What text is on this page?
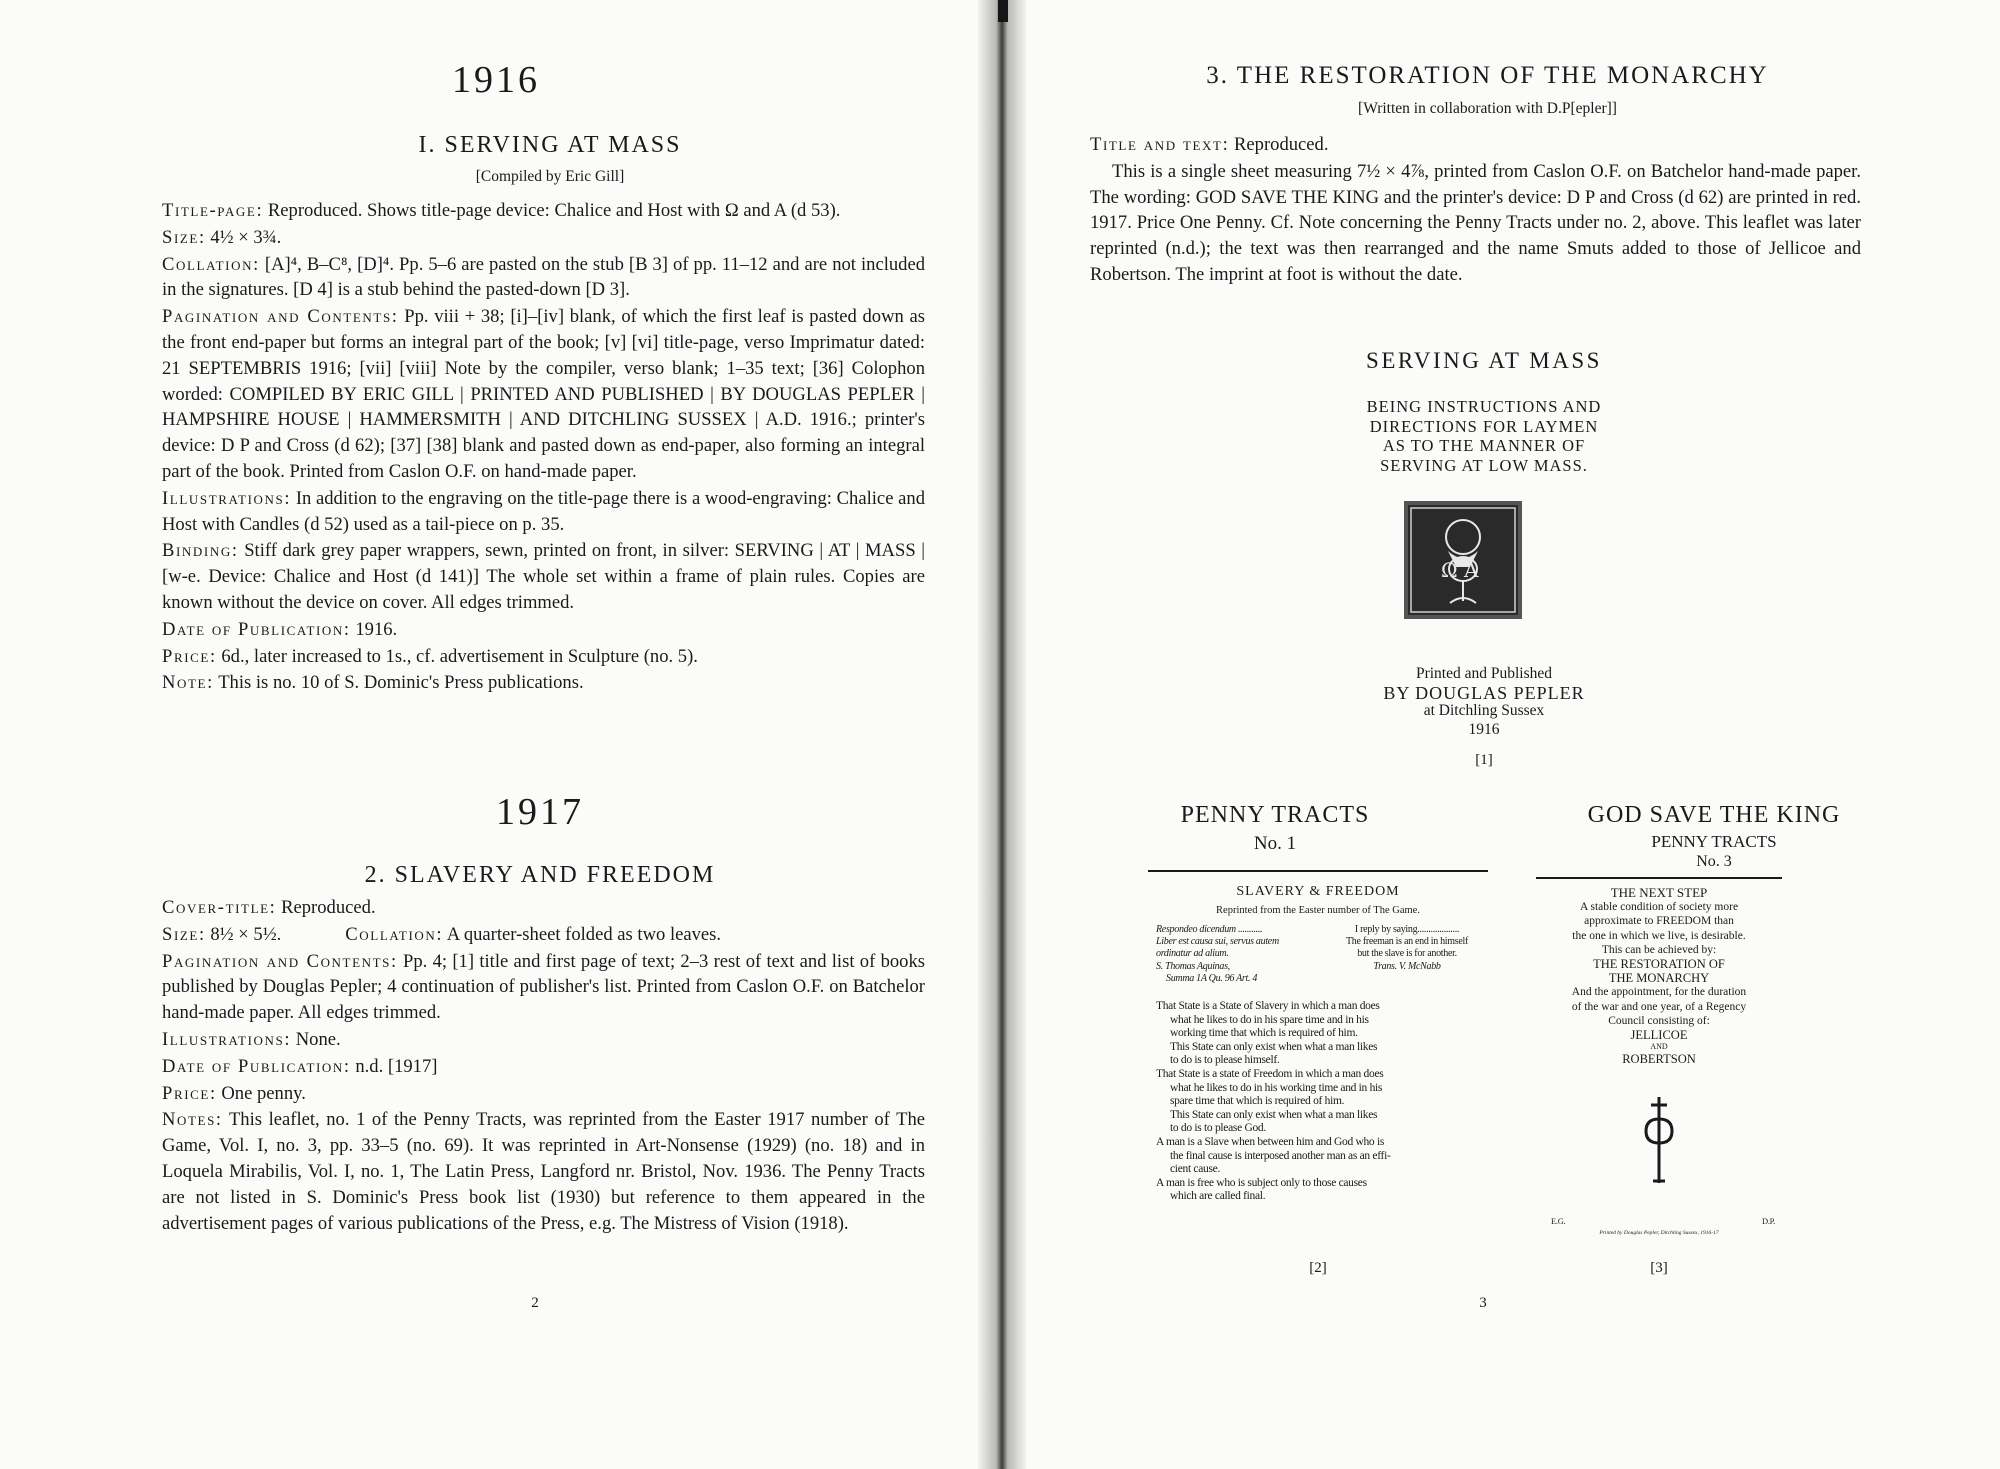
1916
I. SERVING AT MASS
[Compiled by Eric Gill]

Title-page: Reproduced. Shows title-page device: Chalice and Host with Ω and A (d 53).

Size: 4½ × 3¾.

Collation: [A]⁴, B–C⁸, [D]⁴. Pp. 5–6 are pasted on the stub [B 3] of pp. 11–12 and are not included in the signatures. [D 4] is a stub behind the pasted-down [D 3].

Pagination and Contents: Pp. viii + 38; [i]–[iv] blank, of which the first leaf is pasted down as the front end-paper but forms an integral part of the book; [v] [vi] title-page, verso Imprimatur dated: 21 SEPTEMBRIS 1916; [vii] [viii] Note by the compiler, verso blank; 1–35 text; [36] Colophon worded: COMPILED BY ERIC GILL | PRINTED AND PUBLISHED | BY DOUGLAS PEPLER | HAMPSHIRE HOUSE | HAMMERSMITH | AND DITCHLING SUSSEX | A.D. 1916.; printer's device: D P and Cross (d 62); [37] [38] blank and pasted down as end-paper, also forming an integral part of the book. Printed from Caslon O.F. on hand-made paper.

Illustrations: In addition to the engraving on the title-page there is a wood-engraving: Chalice and Host with Candles (d 52) used as a tail-piece on p. 35.

Binding: Stiff dark grey paper wrappers, sewn, printed on front, in silver: SERVING | AT | MASS | [w-e. Device: Chalice and Host (d 141)] The whole set within a frame of plain rules. Copies are known without the device on cover. All edges trimmed.

Date of Publication: 1916.

Price: 6d., later increased to 1s., cf. advertisement in Sculpture (no. 5).

Note: This is no. 10 of S. Dominic's Press publications.

1917
2. SLAVERY AND FREEDOM

Cover-title: Reproduced.

Size: 8½ × 5½.	Collation: A quarter-sheet folded as two leaves.

Pagination and Contents: Pp. 4; [1] title and first page of text; 2–3 rest of text and list of books published by Douglas Pepler; 4 continuation of publisher's list. Printed from Caslon O.F. on Batchelor hand-made paper. All edges trimmed.

Illustrations: None.

Date of Publication: n.d. [1917]

Price: One penny.

Notes: This leaflet, no. 1 of the Penny Tracts, was reprinted from the Easter 1917 number of The Game, Vol. I, no. 3, pp. 33–5 (no. 69). It was reprinted in Art-Nonsense (1929) (no. 18) and in Loquela Mirabilis, Vol. I, no. 1, The Latin Press, Langford nr. Bristol, Nov. 1936. The Penny Tracts are not listed in S. Dominic's Press book list (1930) but reference to them appeared in the advertisement pages of various publications of the Press, e.g. The Mistress of Vision (1918).

2
3. THE RESTORATION OF THE MONARCHY
[Written in collaboration with D.P[epler]]

Title and text: Reproduced.

This is a single sheet measuring 7½ × 4⅞, printed from Caslon O.F. on Batchelor hand-made paper. The wording: GOD SAVE THE KING and the printer's device: D P and Cross (d 62) are printed in red. 1917. Price One Penny. Cf. Note concerning the Penny Tracts under no. 2, above. This leaflet was later reprinted (n.d.); the text was then rearranged and the name Smuts added to those of Jellicoe and Robertson. The imprint at foot is without the date.

SERVING AT MASS
BEING INSTRUCTIONS AND
DIRECTIONS FOR LAYMEN
AS TO THE MANNER OF
SERVING AT LOW MASS.
Ω A
Printed and Published
BY DOUGLAS PEPLER
at Ditchling Sussex
1916
[1]
PENNY TRACTS
No. 1
SLAVERY & FREEDOM
Reprinted from the Easter number of The Game.
Respondeo dicendum ...........
Liber est causa sui, servus autem
ordinatur ad alium.
S. Thomas Aquinas,
Summa 1A Qu. 96 Art. 4
I reply by saying...................
The freeman is an end in himself
but the slave is for another.
Trans. V. McNabb
That State is a State of Slavery in which a man does
what he likes to do in his spare time and in his
working time that which is required of him.
This State can only exist when what a man likes
to do is to please himself.
That State is a state of Freedom in which a man does
what he likes to do in his working time and in his
spare time that which is required of him.
This State can only exist when what a man likes
to do is to please God.
A man is a Slave when between him and God who is
the final cause is interposed another man as an effi-
cient cause.
A man is free who is subject only to those causes
which are called final.
[2]
GOD SAVE THE KING
PENNY TRACTS
No. 3
THE NEXT STEP
A stable condition of society more
approximate to FREEDOM than
the one in which we live, is desirable.
This can be achieved by:
THE RESTORATION OF
THE MONARCHY
And the appointment, for the duration
of the war and one year, of a Regency
Council consisting of:
JELLICOE
AND
ROBERTSON
E.G.	D.P.
Printed by Douglas Pepler, Ditchling Sussex, 1916-17
[3]
3
